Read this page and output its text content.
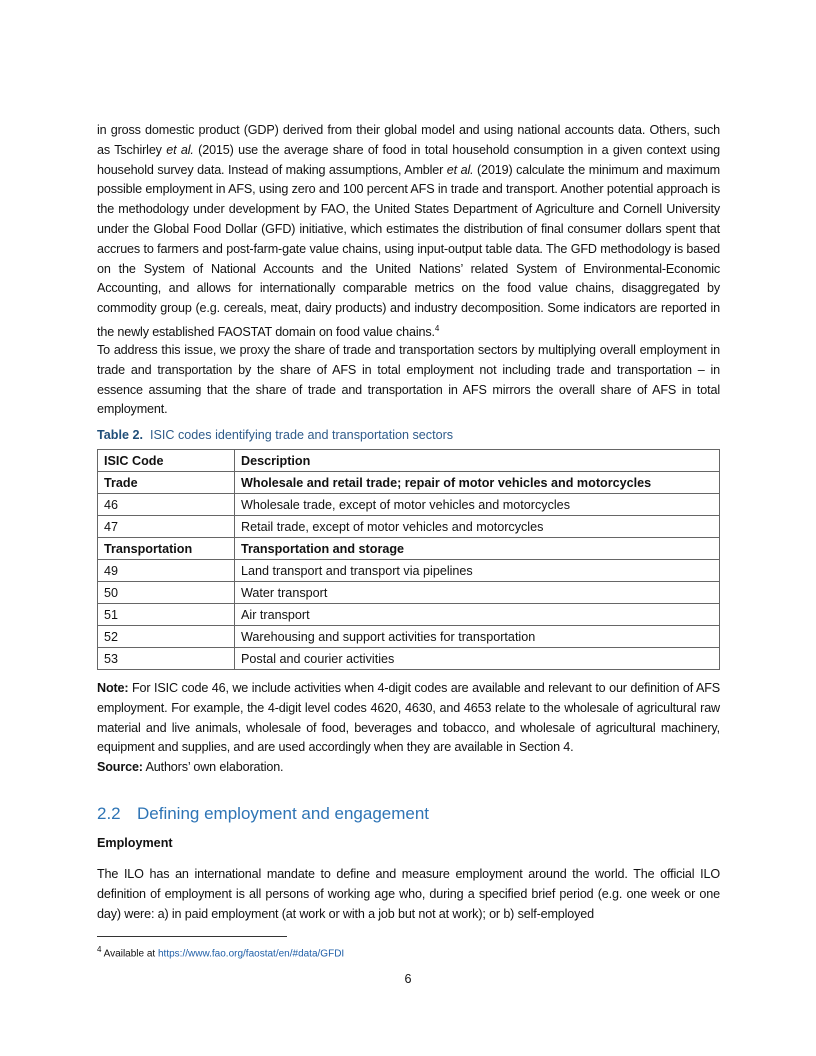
in gross domestic product (GDP) derived from their global model and using national accounts data. Others, such as Tschirley et al. (2015) use the average share of food in total household consumption in a given context using household survey data. Instead of making assumptions, Ambler et al. (2019) calculate the minimum and maximum possible employment in AFS, using zero and 100 percent AFS in trade and transport. Another potential approach is the methodology under development by FAO, the United States Department of Agriculture and Cornell University under the Global Food Dollar (GFD) initiative, which estimates the distribution of final consumer dollars spent that accrues to farmers and post-farm-gate value chains, using input-output table data. The GFD methodology is based on the System of National Accounts and the United Nations’ related System of Environmental-Economic Accounting, and allows for internationally comparable metrics on the food value chains, disaggregated by commodity group (e.g. cereals, meat, dairy products) and industry decomposition. Some indicators are reported in the newly established FAOSTAT domain on food value chains.$^4$
To address this issue, we proxy the share of trade and transportation sectors by multiplying overall employment in trade and transportation by the share of AFS in total employment not including trade and transportation – in essence assuming that the share of trade and transportation in AFS mirrors the overall share of AFS in total employment.
Table 2. ISIC codes identifying trade and transportation sectors
ISIC Code	Description
Trade	Wholesale and retail trade; repair of motor vehicles and motorcycles
46	Wholesale trade, except of motor vehicles and motorcycles
47	Retail trade, except of motor vehicles and motorcycles
Transportation	Transportation and storage
49	Land transport and transport via pipelines
50	Water transport
51	Air transport
52	Warehousing and support activities for transportation
53	Postal and courier activities
Note: For ISIC code 46, we include activities when 4-digit codes are available and relevant to our definition of AFS employment. For example, the 4-digit level codes 4620, 4630, and 4653 relate to the wholesale of agricultural raw material and live animals, wholesale of food, beverages and tobacco, and wholesale of agricultural machinery, equipment and supplies, and are used accordingly when they are available in Section 4.
Source: Authors’ own elaboration.
2.2 Defining employment and engagement
Employment
The ILO has an international mandate to define and measure employment around the world. The official ILO definition of employment is all persons of working age who, during a specified brief period (e.g. one week or one day) were: a) in paid employment (at work or with a job but not at work); or b) self-employed
$^4$ Available at https://www.fao.org/faostat/en/#data/GFDI
6
